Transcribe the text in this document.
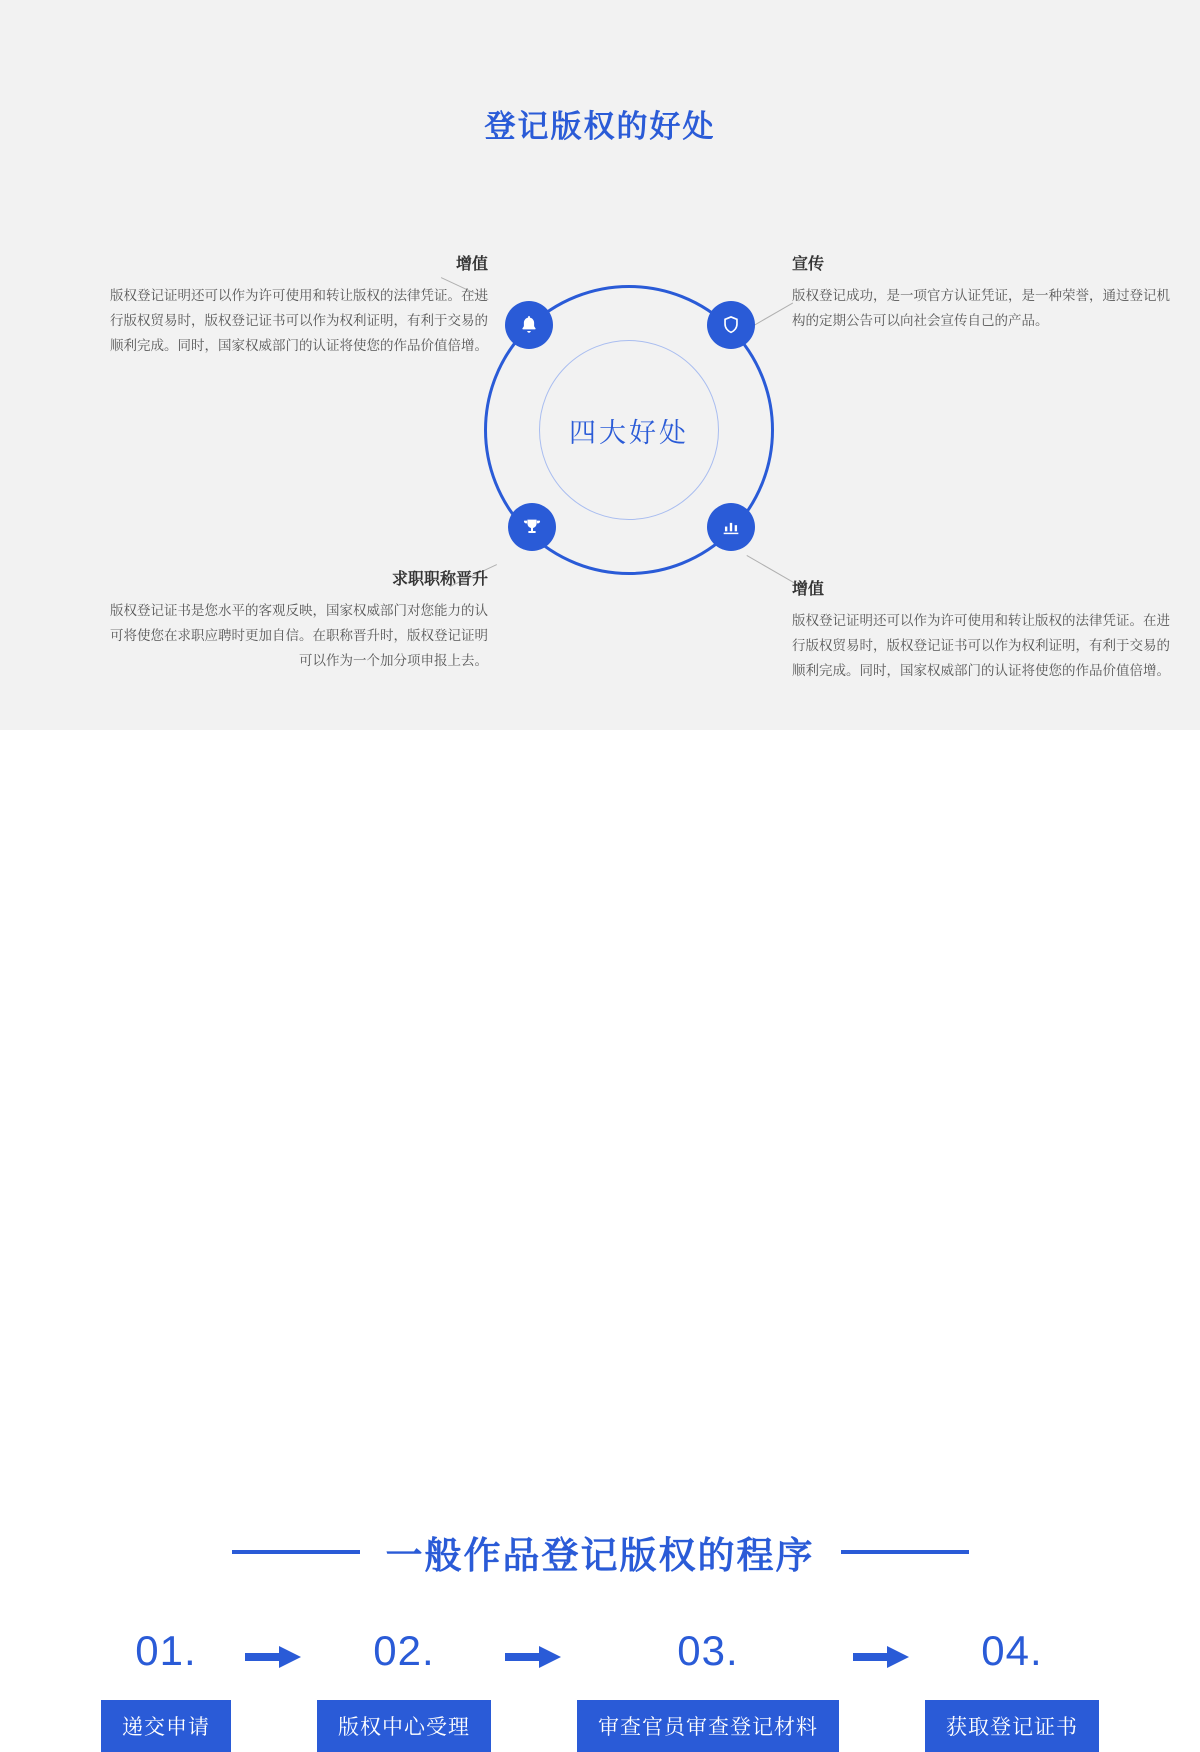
登记版权的好处
四大好处
增值
版权登记证明还可以作为许可使用和转让版权的法律凭证。在进行版权贸易时，版权登记证书可以作为权利证明，有利于交易的顺利完成。同时，国家权威部门的认证将使您的作品价值倍增。
宣传
版权登记成功，是一项官方认证凭证，是一种荣誉，通过登记机构的定期公告可以向社会宣传自己的产品。
求职职称晋升
版权登记证书是您水平的客观反映，国家权威部门对您能力的认可将使您在求职应聘时更加自信。在职称晋升时，版权登记证明可以作为一个加分项申报上去。
增值
版权登记证明还可以作为许可使用和转让版权的法律凭证。在进行版权贸易时，版权登记证书可以作为权利证明，有利于交易的顺利完成。同时，国家权威部门的认证将使您的作品价值倍增。
一般作品登记版权的程序
01.
递交申请
02.
版权中心受理
03.
审查官员审查登记材料
04.
获取登记证书
